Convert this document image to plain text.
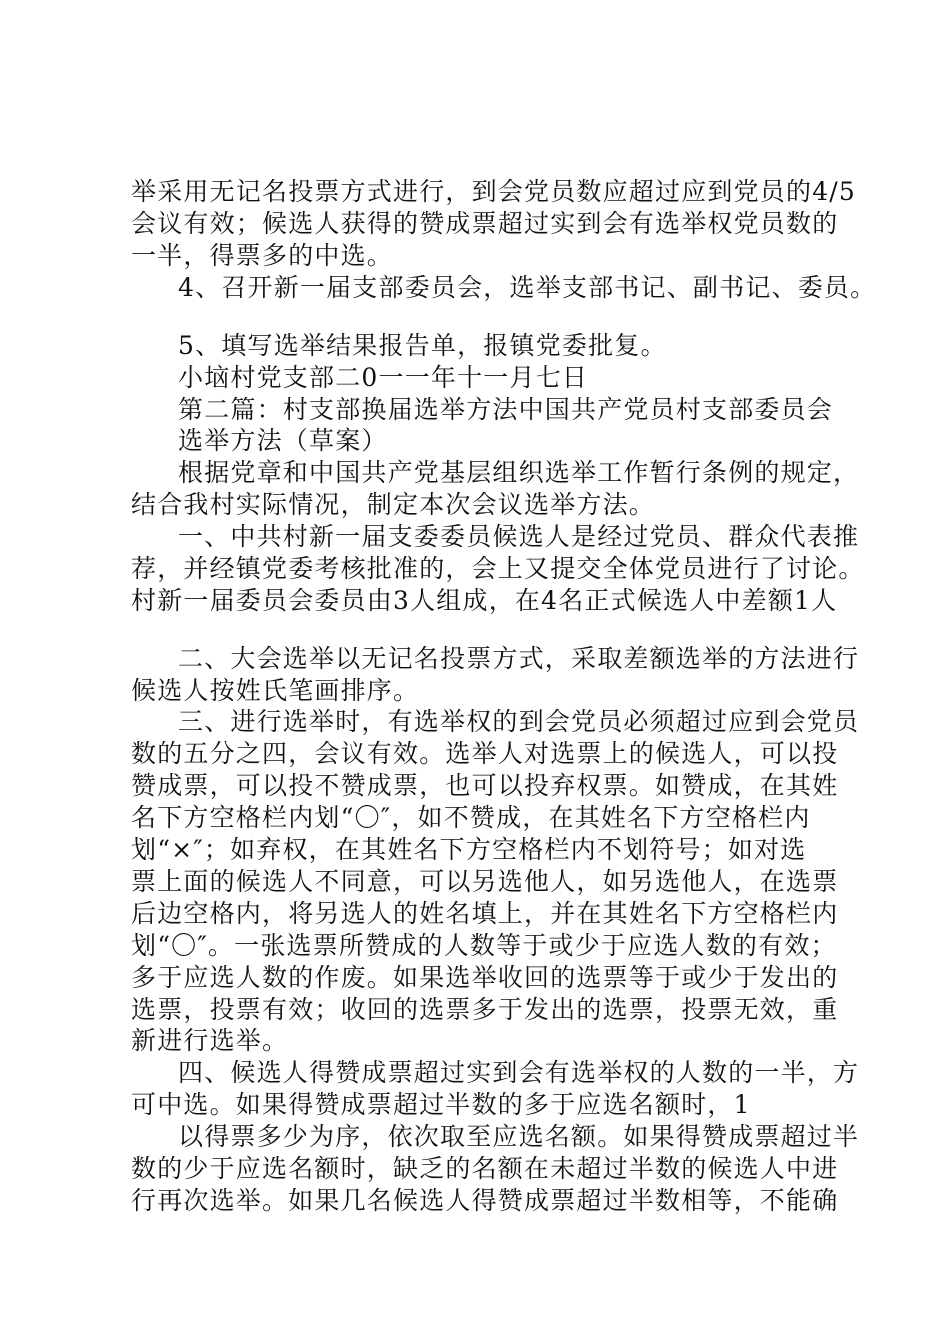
举采用无记名投票方式进行，到会党员数应超过应到党员的4/5
会议有效；候选人获得的赞成票超过实到会有选举权党员数的
一半，得票多的中选。
4、召开新一届支部委员会，选举支部书记、副书记、委员。
5、填写选举结果报告单，报镇党委批复。
小垴村党支部二0一一年十一月七日
第二篇：村支部换届选举方法中国共产党员村支部委员会
选举方法（草案）
根据党章和中国共产党基层组织选举工作暂行条例的规定，
结合我村实际情况，制定本次会议选举方法。
一、中共村新一届支委委员候选人是经过党员、群众代表推
荐，并经镇党委考核批准的，会上又提交全体党员进行了讨论。
村新一届委员会委员由3人组成，在4名正式候选人中差额1人
二、大会选举以无记名投票方式，采取差额选举的方法进行
候选人按姓氏笔画排序。
三、进行选举时，有选举权的到会党员必须超过应到会党员
数的五分之四，会议有效。选举人对选票上的候选人，可以投
赞成票，可以投不赞成票，也可以投弃权票。如赞成，在其姓
名下方空格栏内划“〇″，如不赞成，在其姓名下方空格栏内
划“×″；如弃权，在其姓名下方空格栏内不划符号；如对选
票上面的候选人不同意，可以另选他人，如另选他人，在选票
后边空格内，将另选人的姓名填上，并在其姓名下方空格栏内
划“〇″。一张选票所赞成的人数等于或少于应选人数的有效；
多于应选人数的作废。如果选举收回的选票等于或少于发出的
选票，投票有效；收回的选票多于发出的选票，投票无效，重
新进行选举。
四、候选人得赞成票超过实到会有选举权的人数的一半，方
可中选。如果得赞成票超过半数的多于应选名额时，1
以得票多少为序，依次取至应选名额。如果得赞成票超过半
数的少于应选名额时，缺乏的名额在未超过半数的候选人中进
行再次选举。如果几名候选人得赞成票超过半数相等，不能确
